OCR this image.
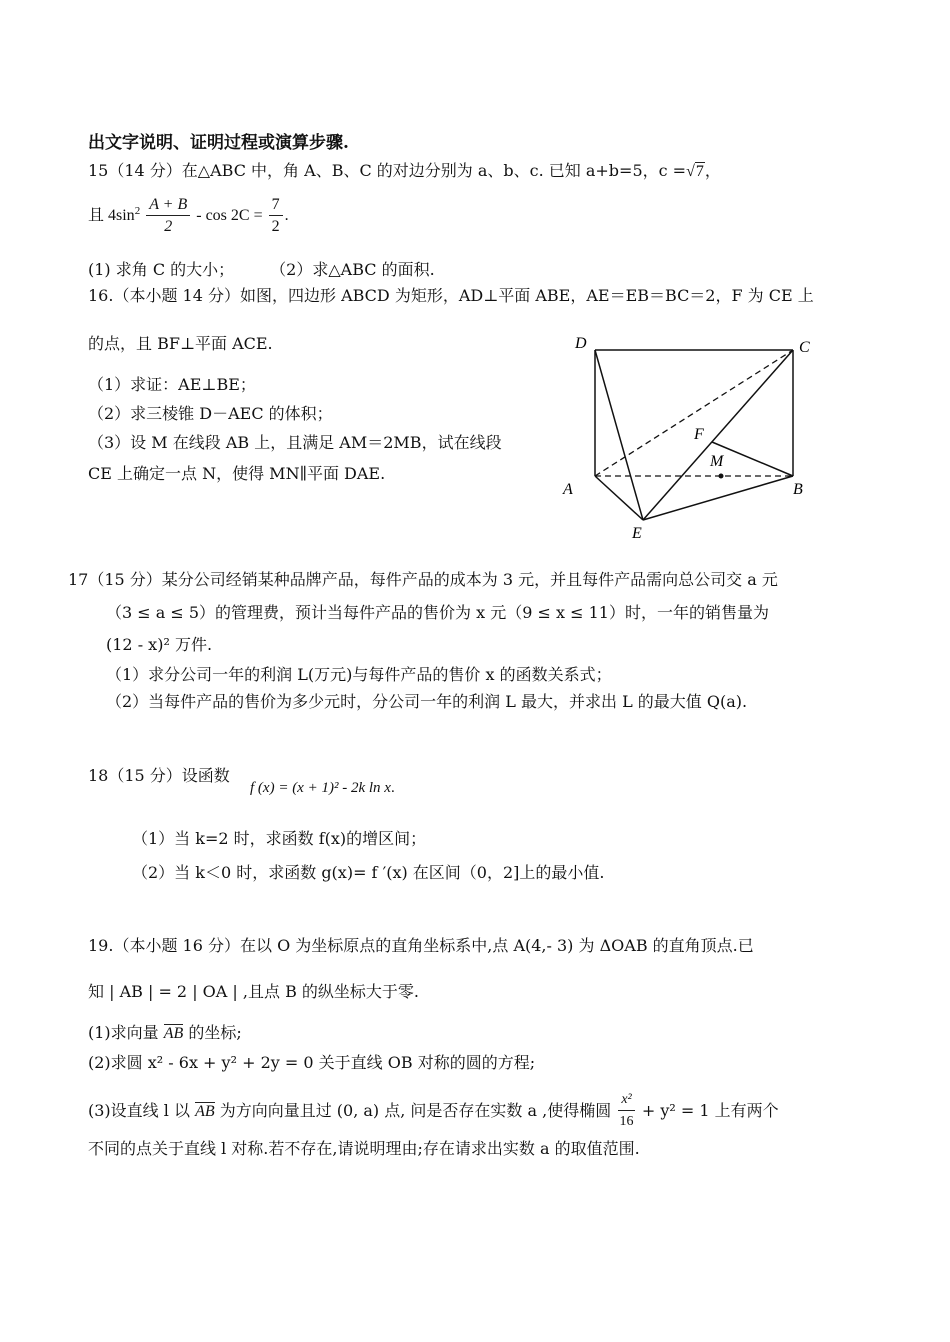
出文字说明、证明过程或演算步骤.
15（14 分）在△ABC 中，角 A、B、C 的对边分别为 a、b、c. 已知 a+b=5，c =√7，
且 $4\sin^2 \frac{A + B}{2} - \cos 2C = \frac{7}{2}$ .
(1) 求角 C 的大小； （2）求△ABC 的面积.
16.（本小题 14 分）如图，四边形 ABCD 为矩形，AD⊥平面 ABE，AE＝EB＝BC＝2，F 为 CE 上
的点，且 BF⊥平面 ACE.
（1）求证：AE⊥BE；
（2）求三棱锥 D－AEC 的体积；
（3）设 M 在线段 AB 上，且满足 AM＝2MB，试在线段
CE 上确定一点 N，使得 MN∥平面 DAE.
D	C
F
M
A	B
E
17（15 分）某分公司经销某种品牌产品，每件产品的成本为 3 元，并且每件产品需向总公司交 a 元
（3 ≤ a ≤ 5）的管理费，预计当每件产品的售价为 x 元（9 ≤ x ≤ 11）时，一年的销售量为
(12 - x)² 万件.
（1）求分公司一年的利润 L(万元)与每件产品的售价 x 的函数关系式；
（2）当每件产品的售价为多少元时，分公司一年的利润 L 最大，并求出 L 的最大值 Q(a).
18（15 分）设函数
f (x) = (x + 1)² - 2k ln x.
（1）当 k=2 时，求函数 f(x)的增区间；
（2）当 k＜0 时，求函数 g(x)= f ′(x) 在区间（0，2]上的最小值.
19.（本小题 16 分）在以 O 为坐标原点的直角坐标系中,点 A(4,- 3) 为 ΔOAB 的直角顶点.已
知 | AB | = 2 | OA | ,且点 B 的纵坐标大于零.
(1)求向量 AB 的坐标;
(2)求圆 x² - 6x + y² + 2y = 0 关于直线 OB 对称的圆的方程;
(3)设直线 l 以 AB 为方向向量且过 (0, a) 点, 问是否存在实数 a ,使得椭圆 $\frac{\text{x²}}{16} + y^2 = 1$ 上有两个
不同的点关于直线 l 对称.若不存在,请说明理由;存在请求出实数 a 的取值范围.
